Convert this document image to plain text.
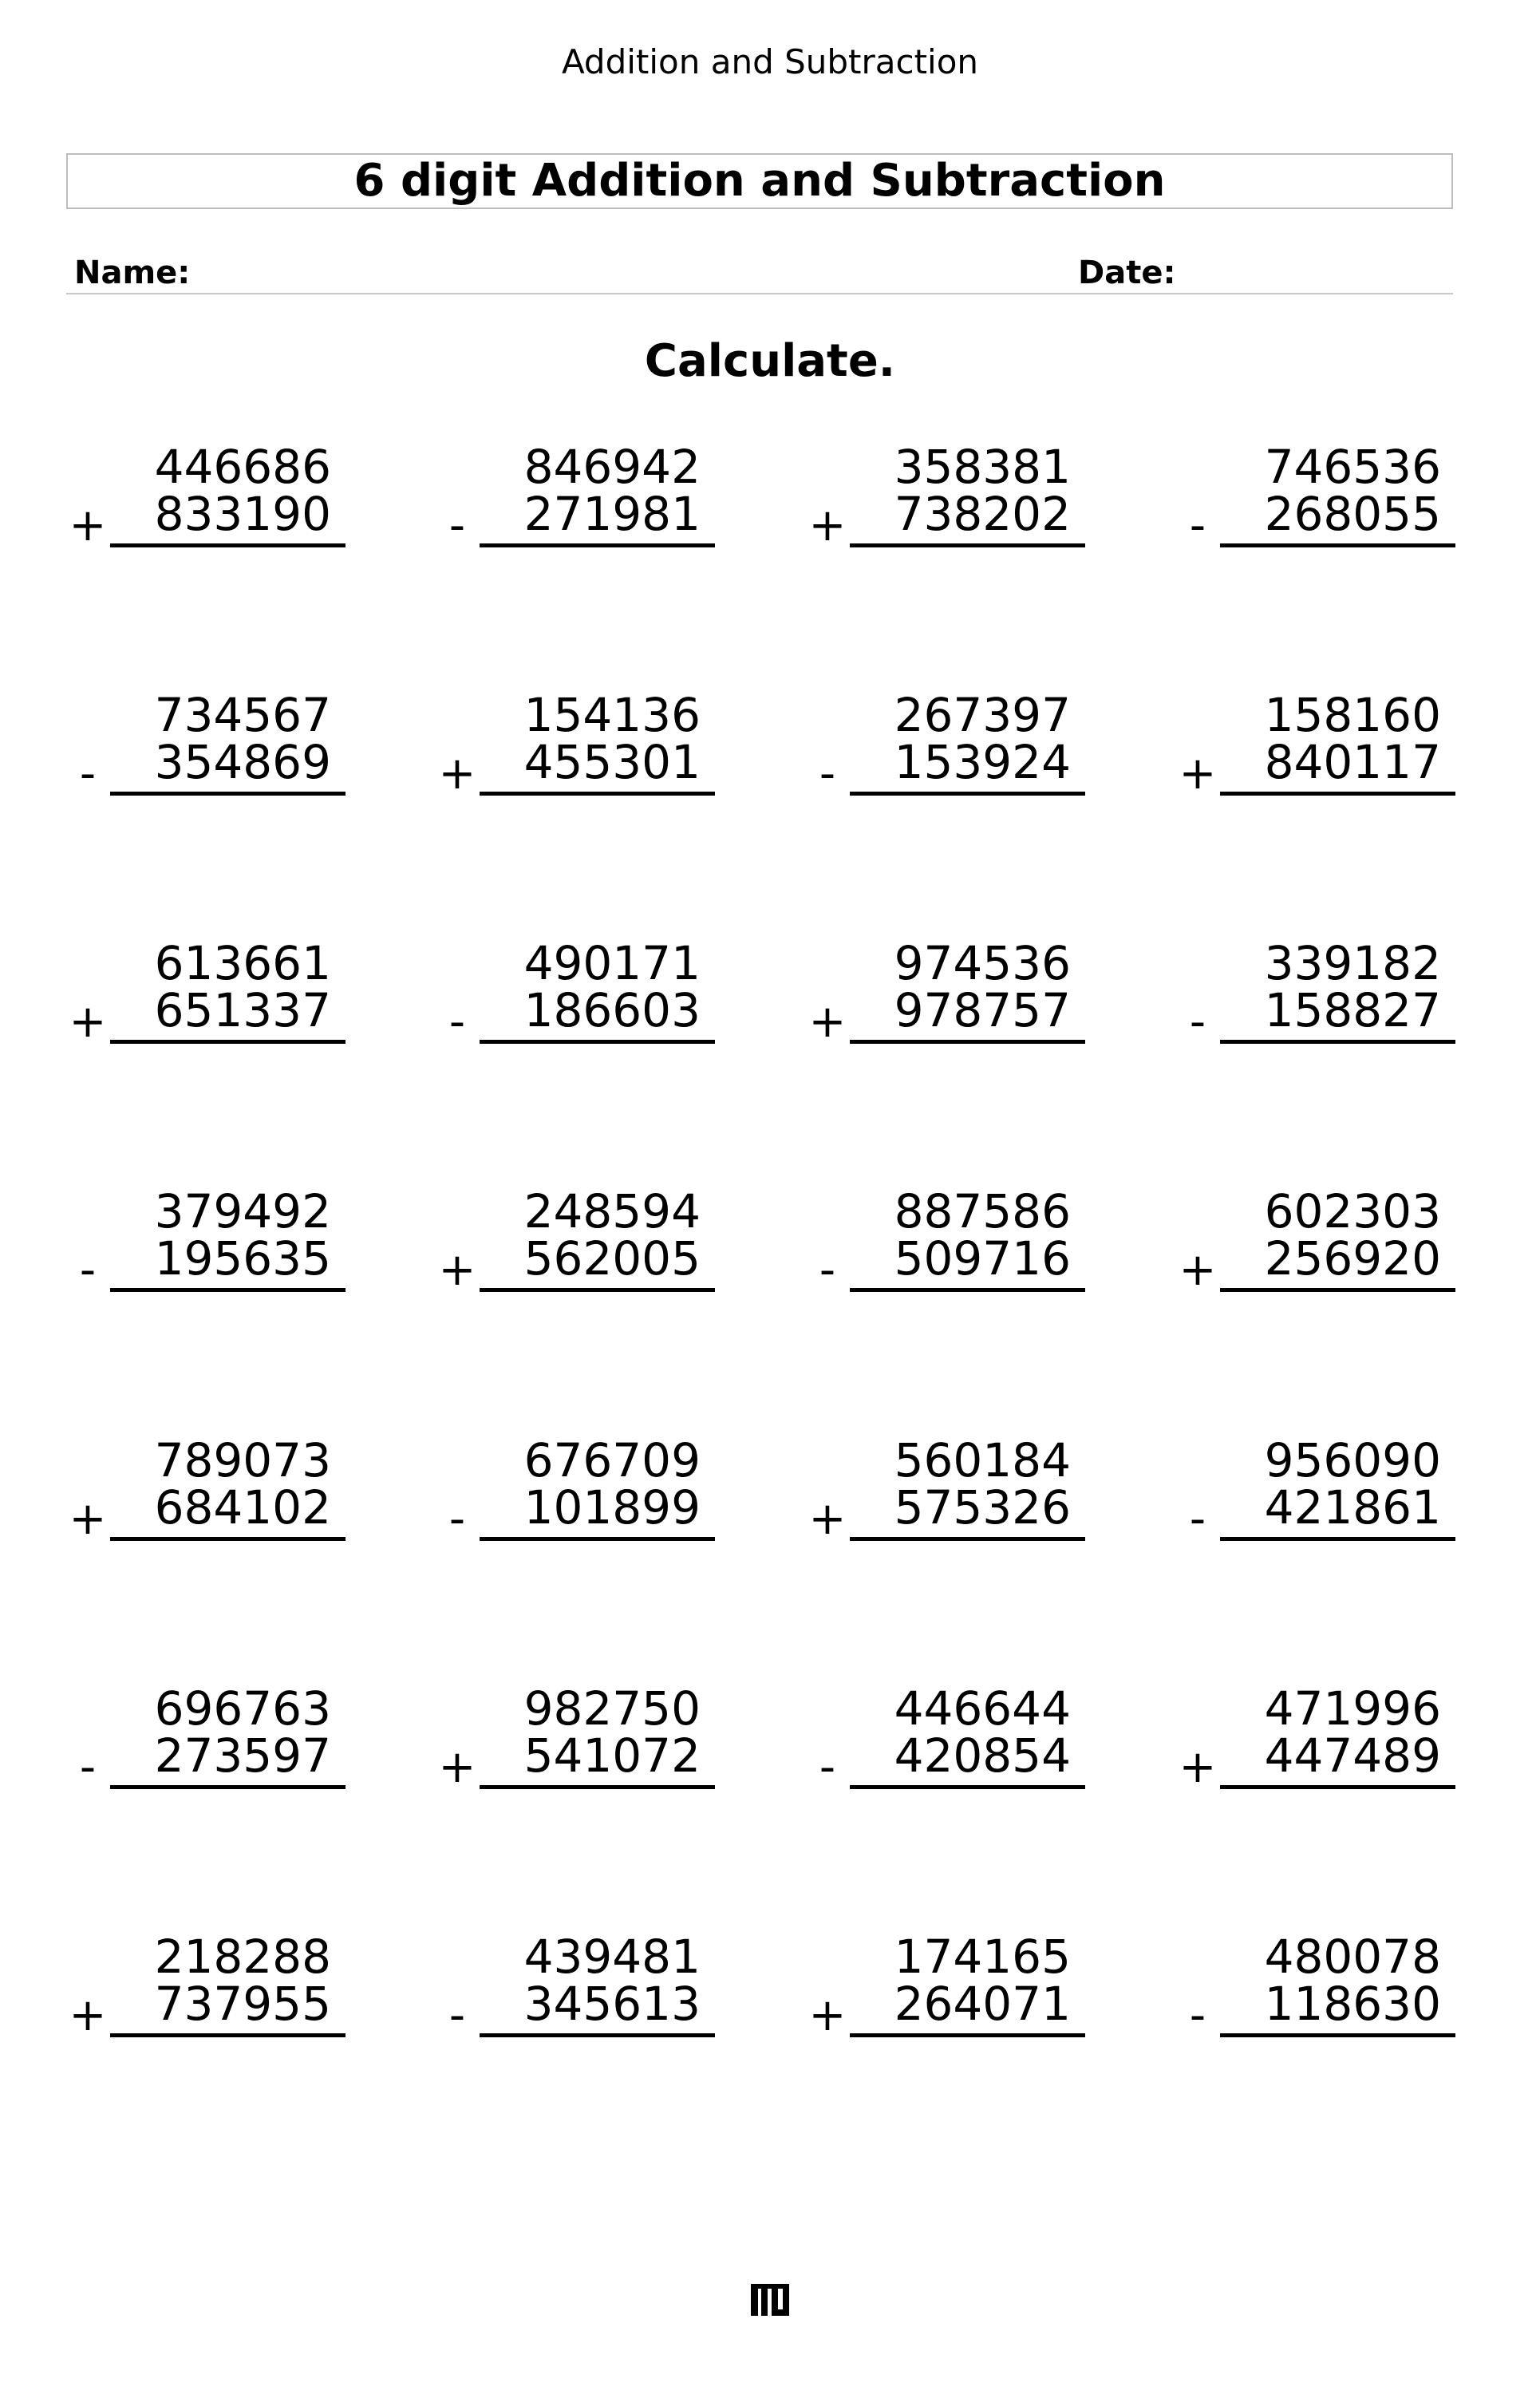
Addition and Subtraction
6 digit Addition and Subtraction
Name:	Date:
Calculate.
446686
+ 833190
846942
- 271981
358381
+ 738202
746536
- 268055
734567
- 354869
154136
+ 455301
267397
- 153924
158160
+ 840117
613661
+ 651337
490171
- 186603
974536
+ 978757
339182
- 158827
379492
- 195635
248594
+ 562005
887586
- 509716
602303
+ 256920
789073
+ 684102
676709
- 101899
560184
+ 575326
956090
- 421861
696763
- 273597
982750
+ 541072
446644
- 420854
471996
+ 447489
218288
+ 737955
439481
- 345613
174165
+ 264071
480078
- 118630
